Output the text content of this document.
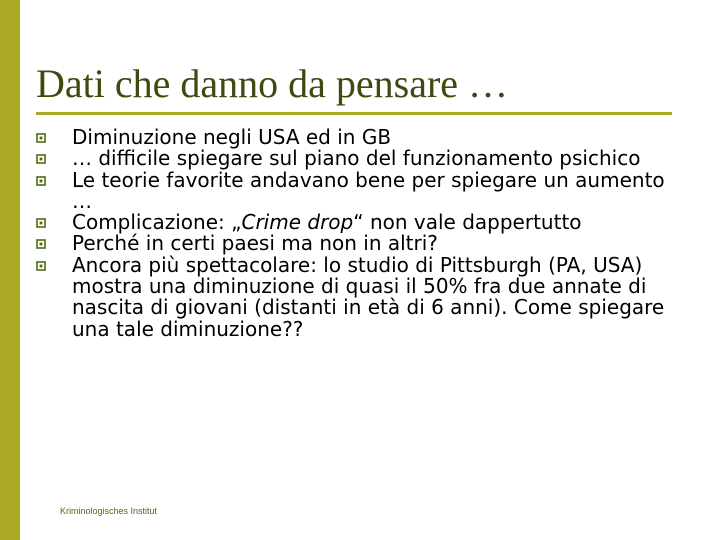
Dati che danno da pensare …
Diminuzione negli USA ed in GB
… difficile spiegare sul piano del funzionamento psichico
Le teorie favorite andavano bene per spiegare un aumento …
Complicazione: „Crime drop“ non vale dappertutto
Perché in certi paesi ma non in altri?
Ancora più spettacolare: lo studio di Pittsburgh (PA, USA) mostra una diminuzione di quasi il 50% fra due annate di nascita di giovani (distanti in età di 6 anni). Come spiegare una tale diminuzione??
Kriminologisches Institut
